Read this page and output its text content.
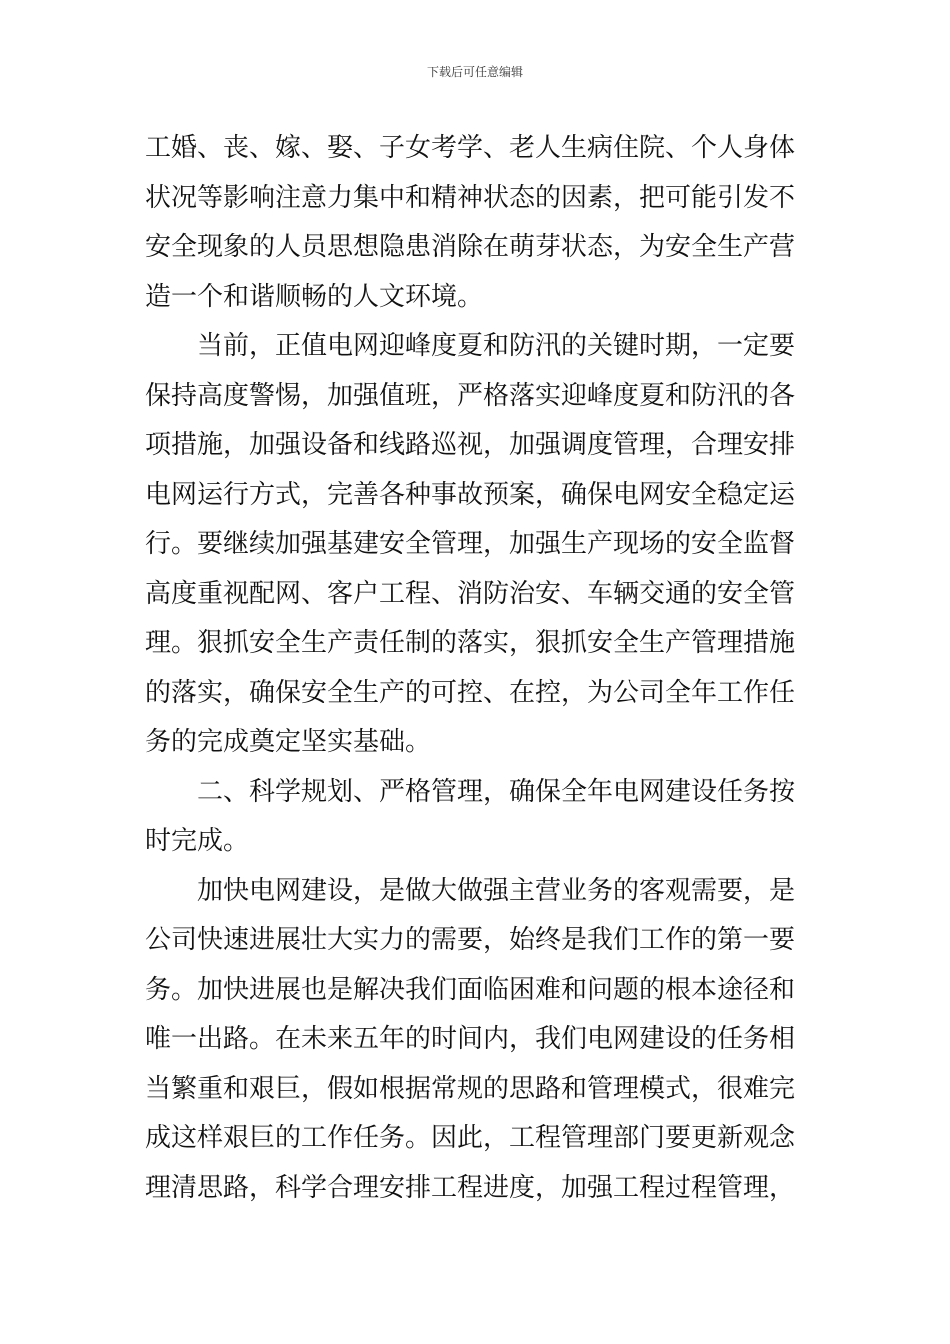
下载后可任意编辑
工婚、丧、嫁、娶、子女考学、老人生病住院、个人身体
状况等影响注意力集中和精神状态的因素，把可能引发不
安全现象的人员思想隐患消除在萌芽状态，为安全生产营
造一个和谐顺畅的人文环境。
　　当前，正值电网迎峰度夏和防汛的关键时期，一定要
保持高度警惕，加强值班，严格落实迎峰度夏和防汛的各
项措施，加强设备和线路巡视，加强调度管理，合理安排
电网运行方式，完善各种事故预案，确保电网安全稳定运
行。要继续加强基建安全管理，加强生产现场的安全监督
高度重视配网、客户工程、消防治安、车辆交通的安全管
理。狠抓安全生产责任制的落实，狠抓安全生产管理措施
的落实，确保安全生产的可控、在控，为公司全年工作任
务的完成奠定坚实基础。
　　二、科学规划、严格管理，确保全年电网建设任务按
时完成。
　　加快电网建设，是做大做强主营业务的客观需要，是
公司快速进展壮大实力的需要，始终是我们工作的第一要
务。加快进展也是解决我们面临困难和问题的根本途径和
唯一出路。在未来五年的时间内，我们电网建设的任务相
当繁重和艰巨，假如根据常规的思路和管理模式，很难完
成这样艰巨的工作任务。因此，工程管理部门要更新观念
理清思路，科学合理安排工程进度，加强工程过程管理，
